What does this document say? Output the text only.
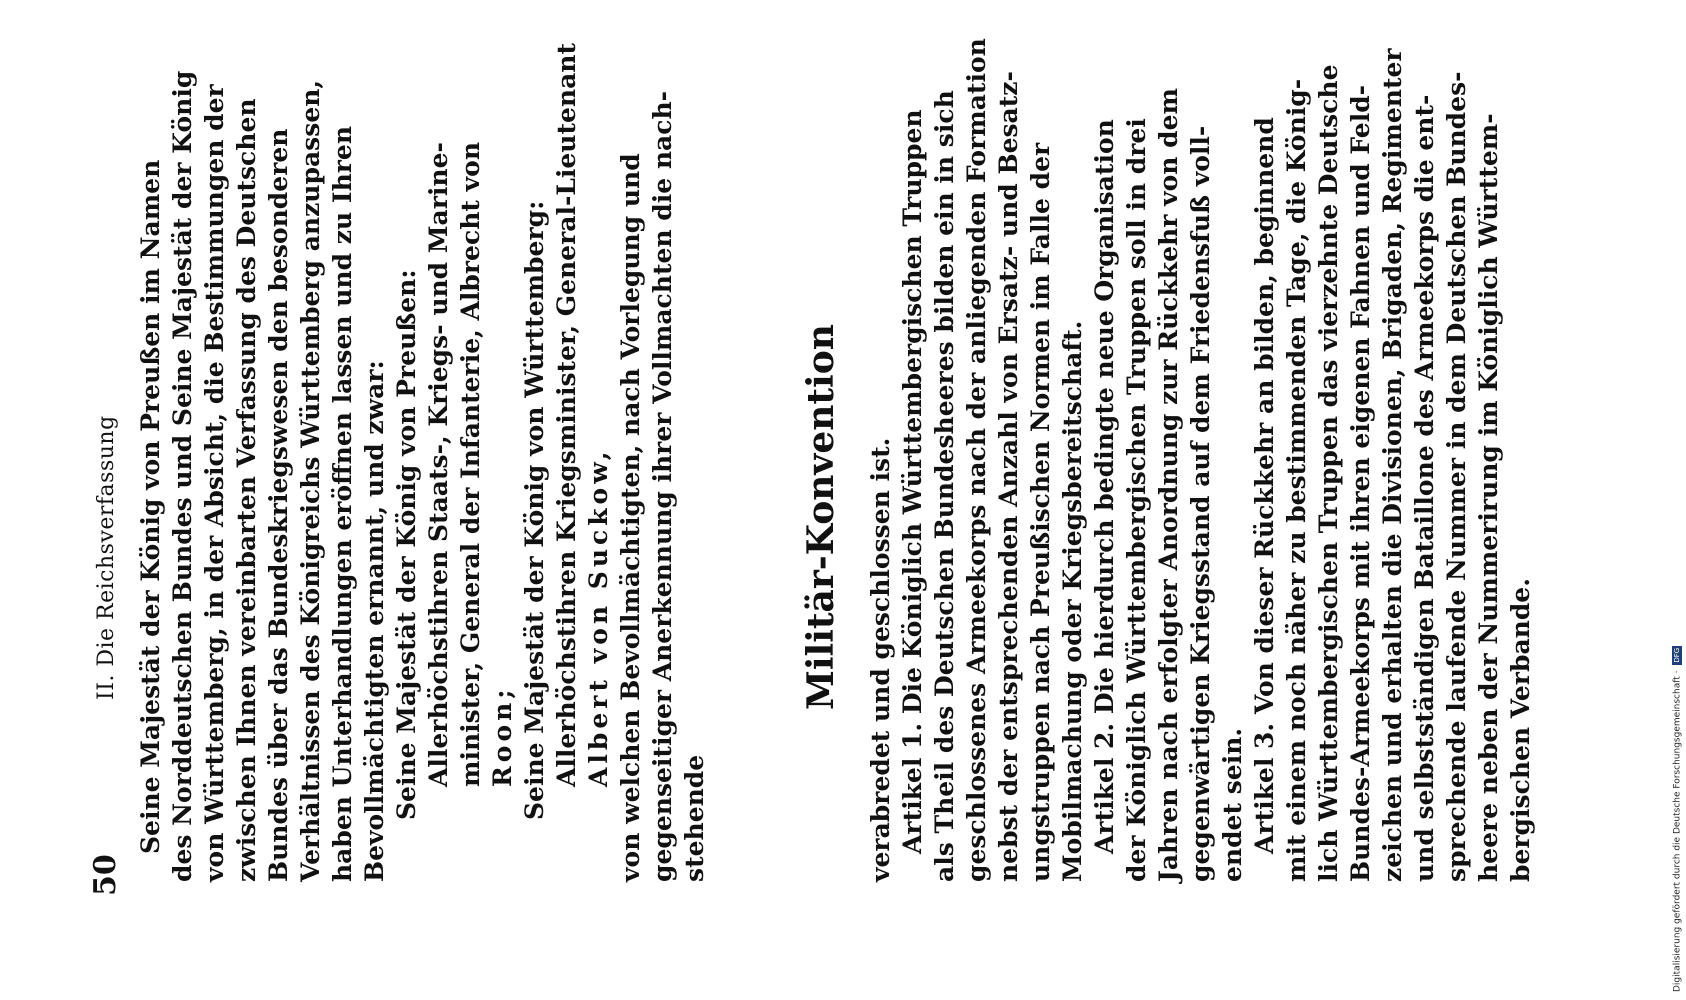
50
II. Die Reichsverfassung Seine Majestät der König von Preußen im Namen des Norddeutschen Bundes und Seine Majestät der König von Württemberg, in der Absicht, die Bestimmungen der zwischen Ihnen vereinbarten Verfassung des Deutschen Bundes über das Bundeskriegswesen den besonderen Verhältnissen des Königreichs Württemberg anzupassen, haben Unterhandlungen eröffnen lassen und zu Ihren Bevollmächtigten ernannt, und zwar: Seine Majestät der König von Preußen: Allerhöchstihren Staats-, Kriegs- und Marine- minister, General der Infanterie, Albrecht von Roon; Seine Majestät der König von Württemberg: Allerhöchstihren Kriegsminister, General-Lieutenant Albert von Suckow, von welchen Bevollmächtigten, nach Vorlegung und gegenseitiger Anerkennung ihrer Vollmachten die nach- stehende
Militär-Konvention verabredet und geschlossen ist. Artikel 1. Die Königlich Württembergischen Truppen als Theil des Deutschen Bundesheeres bilden ein in sich geschlossenes Armeekorps nach der anliegenden Formation nebst der entsprechenden Anzahl von Ersatz- und Besatz- ungstruppen nach Preußischen Normen im Falle der Mobilmachung oder Kriegsbereitschaft. Artikel 2. Die hierdurch bedingte neue Organisation der Königlich Württembergischen Truppen soll in drei Jahren nach erfolgter Anordnung zur Rückkehr von dem gegenwärtigen Kriegsstand auf dem Friedensfuß voll- endet sein. Artikel 3. Von dieser Rückkehr an bilden, beginnend mit einem noch näher zu bestimmenden Tage, die König- lich Württembergischen Truppen das vierzehnte Deutsche Bundes-Armeekorps mit ihren eigenen Fahnen und Feld- zeichen und erhalten die Divisionen, Brigaden, Regimenter und selbstständigen Bataillone des Armeekorps die ent- sprechende laufende Nummer in dem Deutschen Bundes- heere neben der Nummerirung im Königlich Württem- bergischen Verbande.	Digitalisierung gefördert durch die Deutsche Forschungsgemeinschaft · DFG
